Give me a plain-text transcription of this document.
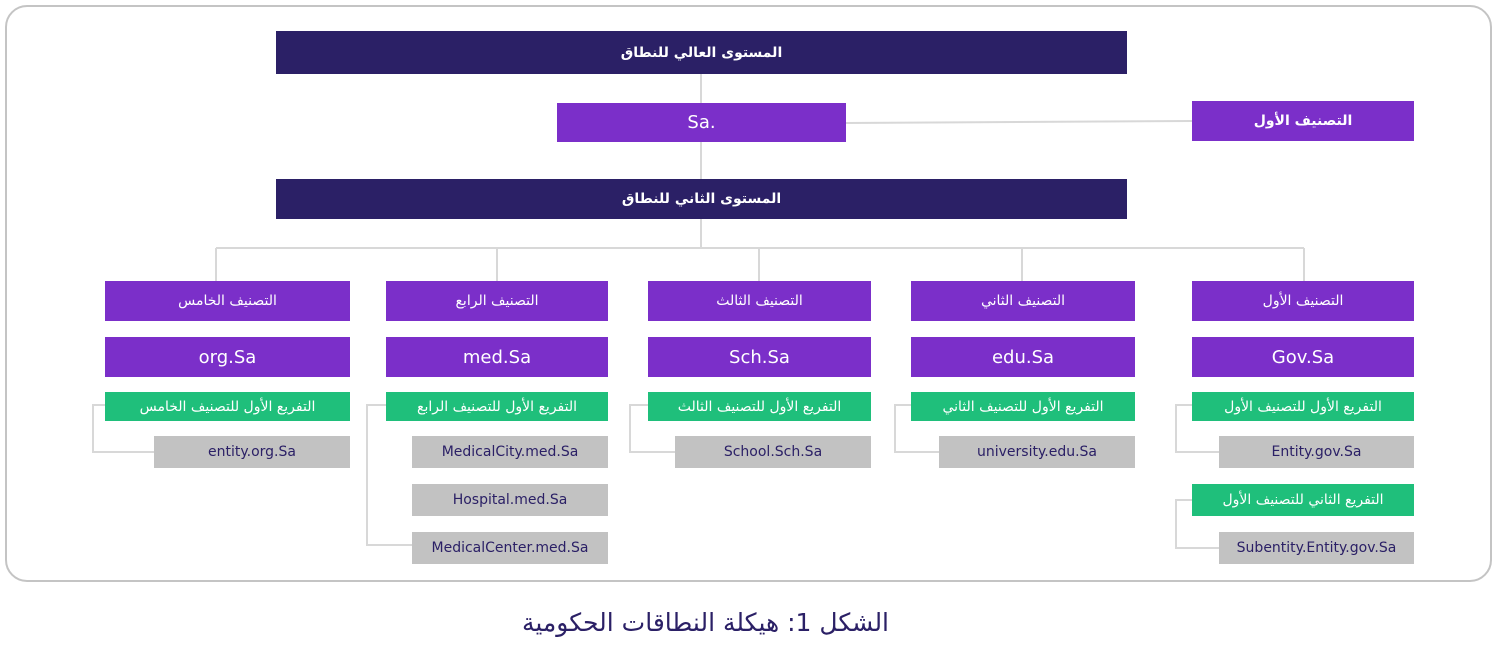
المستوى العالي للنطاق
Sa.	التصنيف الأول
المستوى الثاني للنطاق
التصنيف الأول
Gov.Sa
التفريع الأول للتصنيف الأول
Entity.gov.Sa
التفريع الثاني للتصنيف الأول
Subentity.Entity.gov.Sa
التصنيف الثاني
edu.Sa
التفريع الأول للتصنيف الثاني
university.edu.Sa
التصنيف الثالث
Sch.Sa
التفريع الأول للتصنيف الثالث
School.Sch.Sa
التصنيف الرابع
med.Sa
التفريع الأول للتصنيف الرابع
MedicalCity.med.Sa
Hospital.med.Sa
MedicalCenter.med.Sa
التصنيف الخامس
org.Sa
التفريع الأول للتصنيف الخامس
entity.org.Sa
الشكل 1: هيكلة النطاقات الحكومية
